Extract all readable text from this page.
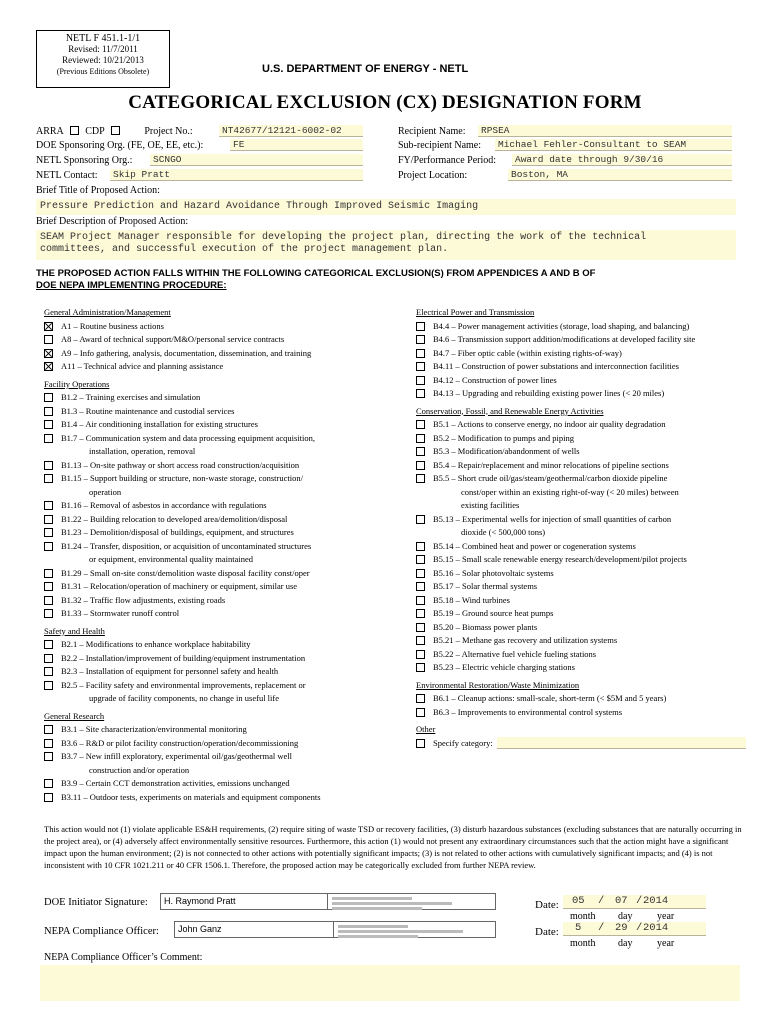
NETL F 451.1-1/1
Revised: 11/7/2011
Reviewed: 10/21/2013
(Previous Editions Obsolete)	U.S. DEPARTMENT OF ENERGY - NETL
CATEGORICAL EXCLUSION (CX) DESIGNATION FORM
ARRA CDP	Project No.:	NT42677/12121-6002-02
DOE Sponsoring Org. (FE, OE, EE, etc.):	FE
NETL Sponsoring Org.:	SCNGO
NETL Contact:	Skip Pratt
Recipient Name:	RPSEA
Sub-recipient Name:	Michael Fehler-Consultant to SEAM
FY/Performance Period:	Award date through 9/30/16
Project Location:	Boston, MA
Brief Title of Proposed Action:
Pressure Prediction and Hazard Avoidance Through Improved Seismic Imaging
Brief Description of Proposed Action:
SEAM Project Manager responsible for developing the project plan, directing the work of the technical
committees, and successful execution of the project management plan.
THE PROPOSED ACTION FALLS WITHIN THE FOLLOWING CATEGORICAL EXCLUSION(S) FROM APPENDICES A AND B OF
DOE NEPA IMPLEMENTING PROCEDURE:
General Administration/Management
A1 – Routine business actions
A8 – Award of technical support/M&O/personal service contracts
A9 – Info gathering, analysis, documentation, dissemination, and training
A11 – Technical advice and planning assistance
Facility Operations
B1.2 – Training exercises and simulation
B1.3 – Routine maintenance and custodial services
B1.4 – Air conditioning installation for existing structures
B1.7 – Communication system and data processing equipment acquisition,
installation, operation, removal
B1.13 – On-site pathway or short access road construction/acquisition
B1.15 – Support building or structure, non-waste storage, construction/
operation
B1.16 – Removal of asbestos in accordance with regulations
B1.22 – Building relocation to developed area/demolition/disposal
B1.23 – Demolition/disposal of buildings, equipment, and structures
B1.24 – Transfer, disposition, or acquisition of uncontaminated structures
or equipment, environmental quality maintained
B1.29 – Small on-site const/demolition waste disposal facility const/oper
B1.31 – Relocation/operation of machinery or equipment, similar use
B1.32 – Traffic flow adjustments, existing roads
B1.33 – Stormwater runoff control
Safety and Health
B2.1 – Modifications to enhance workplace habitability
B2.2 – Installation/improvement of building/equipment instrumentation
B2.3 – Installation of equipment for personnel safety and health
B2.5 – Facility safety and environmental improvements, replacement or
upgrade of facility components, no change in useful life
General Research
B3.1 – Site characterization/environmental monitoring
B3.6 – R&D or pilot facility construction/operation/decommissioning
B3.7 – New infill exploratory, experimental oil/gas/geothermal well
construction and/or operation
B3.9 – Certain CCT demonstration activities, emissions unchanged
B3.11 – Outdoor tests, experiments on materials and equipment components
Electrical Power and Transmission
B4.4 – Power management activities (storage, load shaping, and balancing)
B4.6 – Transmission support addition/modifications at developed facility site
B4.7 – Fiber optic cable (within existing rights-of-way)
B4.11 – Construction of power substations and interconnection facilities
B4.12 – Construction of power lines
B4.13 – Upgrading and rebuilding existing power lines (< 20 miles)
Conservation, Fossil, and Renewable Energy Activities
B5.1 – Actions to conserve energy, no indoor air quality degradation
B5.2 – Modification to pumps and piping
B5.3 – Modification/abandonment of wells
B5.4 – Repair/replacement and minor relocations of pipeline sections
B5.5 – Short crude oil/gas/steam/geothermal/carbon dioxide pipeline
const/oper within an existing right-of-way (< 20 miles) between
existing facilities
B5.13 – Experimental wells for injection of small quantities of carbon
dioxide (< 500,000 tons)
B5.14 – Combined heat and power or cogeneration systems
B5.15 – Small scale renewable energy research/development/pilot projects
B5.16 – Solar photovoltaic systems
B5.17 – Solar thermal systems
B5.18 – Wind turbines
B5.19 – Ground source heat pumps
B5.20 – Biomass power plants
B5.21 – Methane gas recovery and utilization systems
B5.22 – Alternative fuel vehicle fueling stations
B5.23 – Electric vehicle charging stations
Environmental Restoration/Waste Minimization
B6.1 – Cleanup actions: small-scale, short-term (< $5M and 5 years)
B6.3 – Improvements to environmental control systems
Other
Specify category:
This action would not (1) violate applicable ES&H requirements, (2) require siting of waste TSD or recovery facilities, (3) disturb hazardous substances (excluding substances that are naturally occurring in the project area), or (4) adversely affect environmentally sensitive resources. Furthermore, this action (1) would not present any extraordinary circumstances such that the action might have a significant impact upon the human environment; (2) is not connected to other actions with potentially significant impacts; (3) is not related to other actions with cumulatively significant impacts; and (4) is not inconsistent with 10 CFR 1021.211 or 40 CFR 1506.1. Therefore, the proposed action may be categorically excluded from further NEPA review.
DOE Initiator Signature:	H. Raymond Pratt
NEPA Compliance Officer:	John Ganz
Date: 05 / 07 / 2014
month day year
Date: 5 / 29 / 2014
month day year
NEPA Compliance Officer’s Comment:
